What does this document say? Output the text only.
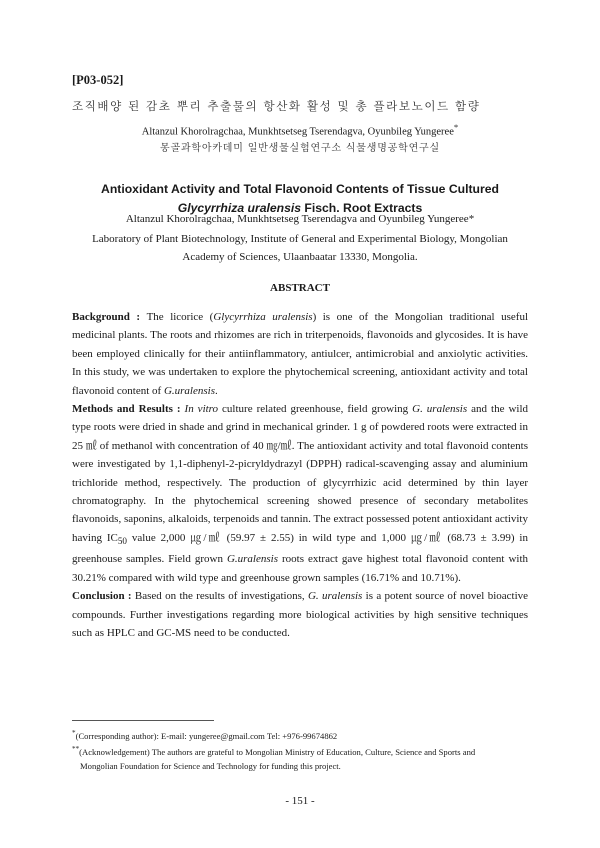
[P03-052]
조직배양 된 감초 뿌리 추출물의 항산화 활성 및 총 플라보노이드 함량
Altanzul Khorolragchaa, Munkhtsetseg Tserendagva, Oyunbileg Yungeree*
몽골과학아카데미 일반생물실험연구소 식물생명공학연구실
Antioxidant Activity and Total Flavonoid Contents of Tissue Cultured
Glycyrrhiza uralensis Fisch. Root Extracts
Altanzul Khorolragchaa, Munkhtsetseg Tserendagva and Oyunbileg Yungeree*
Laboratory of Plant Biotechnology, Institute of General and Experimental Biology, Mongolian
Academy of Sciences, Ulaanbaatar 13330, Mongolia.
ABSTRACT

Background : The licorice (Glycyrrhiza uralensis) is one of the Mongolian traditional useful medicinal plants. The roots and rhizomes are rich in triterpenoids, flavonoids and glycosides. It is have been employed clinically for their antiinflammatory, antiulcer, antimicrobial and anxiolytic activities. In this study, we was undertaken to explore the phytochemical screening, antioxidant activity and total flavonoid content of G.uralensis.

Methods and Results : In vitro culture related greenhouse, field growing G. uralensis and the wild type roots were dried in shade and grind in mechanical grinder. 1 g of powdered roots were extracted in 25 ㎖ of methanol with concentration of 40 ㎎/㎖. The antioxidant activity and total flavonoid contents were investigated by 1,1-diphenyl-2-picryldydrazyl (DPPH) radical-scavenging assay and aluminium trichloride method, respectively. The production of glycyrrhizic acid determined by thin layer chromatography. In the phytochemical screening showed presence of secondary metabolites flavonoids, saponins, alkaloids, terpenoids and tannin. The extract possessed potent antioxidant activity having $IC_{50}$ value 2,000 ㎍/㎖ (59.97 ± 2.55) in wild type and 1,000 ㎍/㎖ (68.73 ± 3.99) in greenhouse samples. Field grown G.uralensis roots extract gave highest total flavonoid content with 30.21% compared with wild type and greenhouse grown samples (16.71% and 10.71%).

Conclusion : Based on the results of investigations, G. uralensis is a potent source of novel bioactive compounds. Further investigations regarding more biological activities by high sensitive techniques such as HPLC and GC-MS need to be conducted.

*(Corresponding author): E-mail: yungeree@gmail.com Tel: +976-99674862

**(Acknowledgement) The authors are grateful to Mongolian Ministry of Education, Culture, Science and Sports and

Mongolian Foundation for Science and Technology for funding this project.

- 151 -
